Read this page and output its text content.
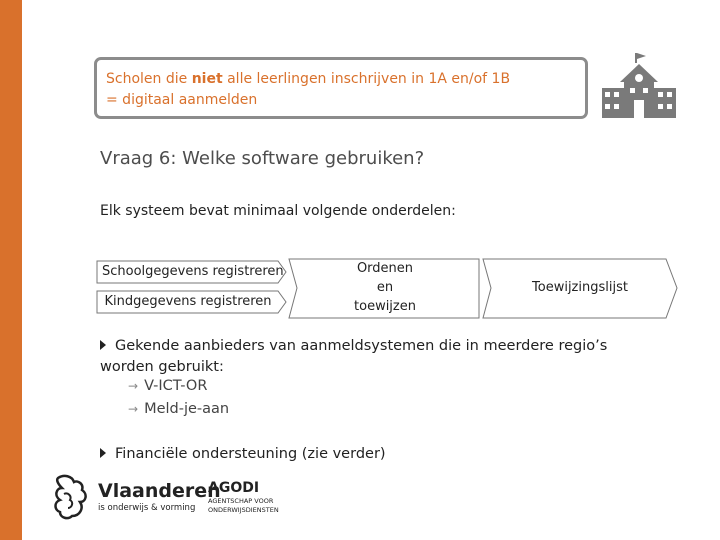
Scholen die niet alle leerlingen inschrijven in 1A en/of 1B
= digitaal aanmelden
Vraag 6: Welke software gebruiken?
Elk systeem bevat minimaal volgende onderdelen:
Schoolgegevens registreren
Kindgegevens registreren
Ordenen
en
toewijzen
Toewijzingslijst
Gekende aanbieders van aanmeldsystemen die in meerdere regio’s
worden gebruikt:
→ V-ICT-OR
→ Meld-je-aan
Financiële ondersteuning (zie verder)
Vlaanderen
is onderwijs & vorming
AGODI
AGENTSCHAP VOOR
ONDERWIJSDIENSTEN
